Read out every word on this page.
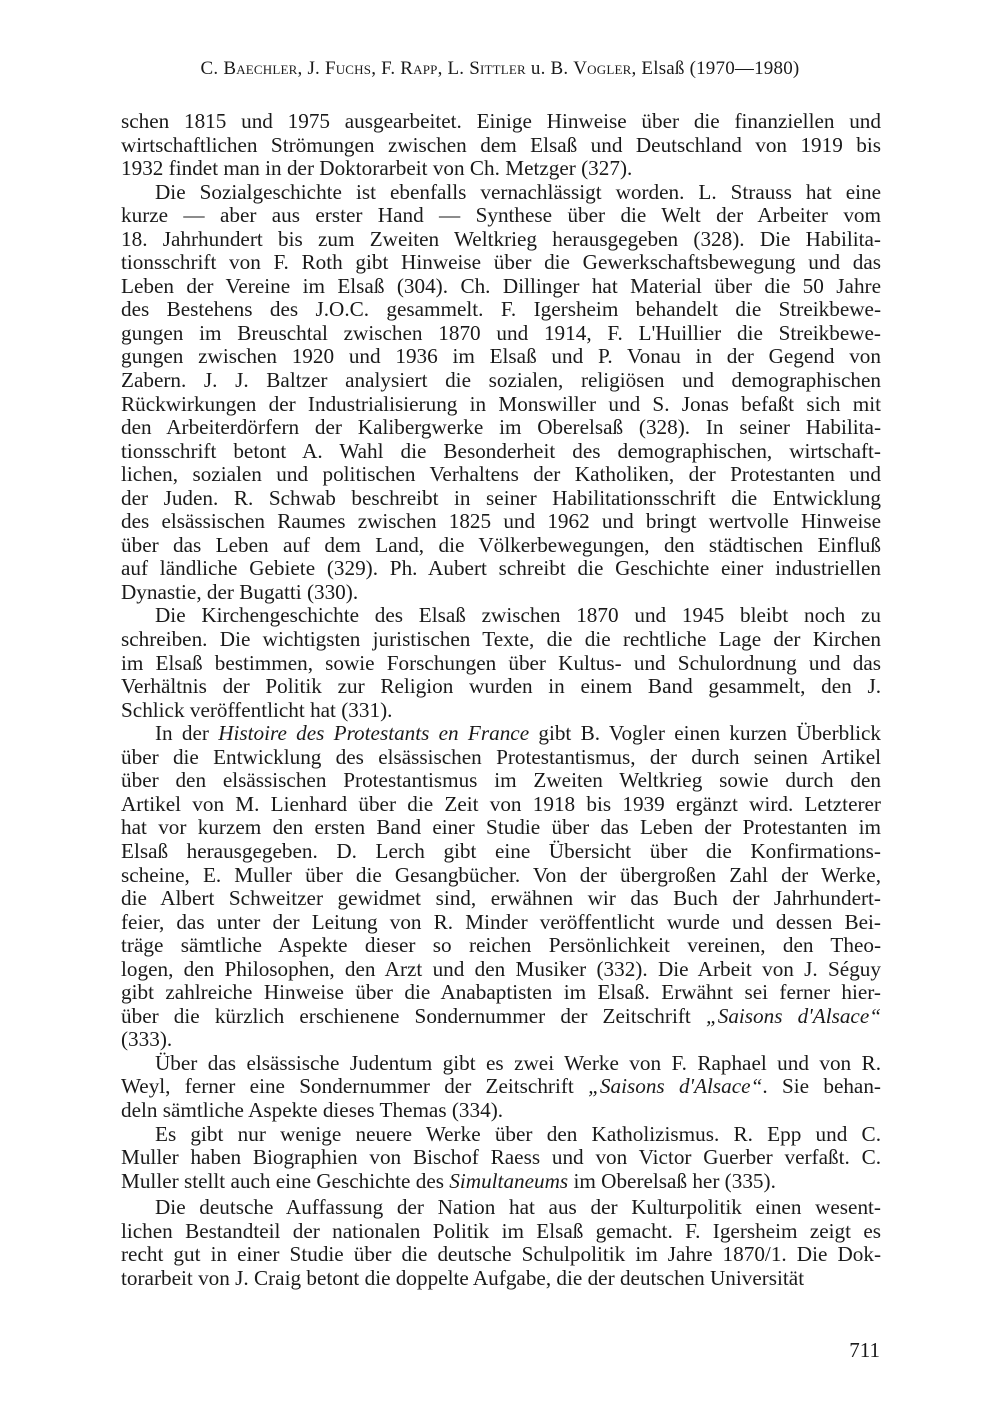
C. Baechler, J. Fuchs, F. Rapp, L. Sittler u. B. Vogler, Elsaß (1970—1980)
schen 1815 und 1975 ausgearbeitet. Einige Hinweise über die finanziellen und
wirtschaftlichen Strömungen zwischen dem Elsaß und Deutschland von 1919 bis
1932 findet man in der Doktorarbeit von Ch. Metzger (327).
Die Sozialgeschichte ist ebenfalls vernachlässigt worden. L. Strauss hat eine
kurze — aber aus erster Hand — Synthese über die Welt der Arbeiter vom
18. Jahrhundert bis zum Zweiten Weltkrieg herausgegeben (328). Die Habilita-
tionsschrift von F. Roth gibt Hinweise über die Gewerkschaftsbewegung und das
Leben der Vereine im Elsaß (304). Ch. Dillinger hat Material über die 50 Jahre
des Bestehens des J.O.C. gesammelt. F. Igersheim behandelt die Streikbewe-
gungen im Breuschtal zwischen 1870 und 1914, F. L'Huillier die Streikbewe-
gungen zwischen 1920 und 1936 im Elsaß und P. Vonau in der Gegend von
Zabern. J. J. Baltzer analysiert die sozialen, religiösen und demographischen
Rückwirkungen der Industrialisierung in Monswiller und S. Jonas befaßt sich mit
den Arbeiterdörfern der Kalibergwerke im Oberelsaß (328). In seiner Habilita-
tionsschrift betont A. Wahl die Besonderheit des demographischen, wirtschaft-
lichen, sozialen und politischen Verhaltens der Katholiken, der Protestanten und
der Juden. R. Schwab beschreibt in seiner Habilitationsschrift die Entwicklung
des elsässischen Raumes zwischen 1825 und 1962 und bringt wertvolle Hinweise
über das Leben auf dem Land, die Völkerbewegungen, den städtischen Einfluß
auf ländliche Gebiete (329). Ph. Aubert schreibt die Geschichte einer industriellen
Dynastie, der Bugatti (330).
Die Kirchengeschichte des Elsaß zwischen 1870 und 1945 bleibt noch zu
schreiben. Die wichtigsten juristischen Texte, die die rechtliche Lage der Kirchen
im Elsaß bestimmen, sowie Forschungen über Kultus- und Schulordnung und das
Verhältnis der Politik zur Religion wurden in einem Band gesammelt, den J.
Schlick veröffentlicht hat (331).
In der Histoire des Protestants en France gibt B. Vogler einen kurzen Überblick
über die Entwicklung des elsässischen Protestantismus, der durch seinen Artikel
über den elsässischen Protestantismus im Zweiten Weltkrieg sowie durch den
Artikel von M. Lienhard über die Zeit von 1918 bis 1939 ergänzt wird. Letzterer
hat vor kurzem den ersten Band einer Studie über das Leben der Protestanten im
Elsaß herausgegeben. D. Lerch gibt eine Übersicht über die Konfirmations-
scheine, E. Muller über die Gesangbücher. Von der übergroßen Zahl der Werke,
die Albert Schweitzer gewidmet sind, erwähnen wir das Buch der Jahrhundert-
feier, das unter der Leitung von R. Minder veröffentlicht wurde und dessen Bei-
träge sämtliche Aspekte dieser so reichen Persönlichkeit vereinen, den Theo-
logen, den Philosophen, den Arzt und den Musiker (332). Die Arbeit von J. Séguy
gibt zahlreiche Hinweise über die Anabaptisten im Elsaß. Erwähnt sei ferner hier-
über die kürzlich erschienene Sondernummer der Zeitschrift „Saisons d'Alsace“
(333).
Über das elsässische Judentum gibt es zwei Werke von F. Raphael und von R.
Weyl, ferner eine Sondernummer der Zeitschrift „Saisons d'Alsace“. Sie behan-
deln sämtliche Aspekte dieses Themas (334).
Es gibt nur wenige neuere Werke über den Katholizismus. R. Epp und C.
Muller haben Biographien von Bischof Raess und von Victor Guerber verfaßt. C.
Muller stellt auch eine Geschichte des Simultaneums im Oberelsaß her (335).
Die deutsche Auffassung der Nation hat aus der Kulturpolitik einen wesent-
lichen Bestandteil der nationalen Politik im Elsaß gemacht. F. Igersheim zeigt es
recht gut in einer Studie über die deutsche Schulpolitik im Jahre 1870/1. Die Dok-
torarbeit von J. Craig betont die doppelte Aufgabe, die der deutschen Universität
711
